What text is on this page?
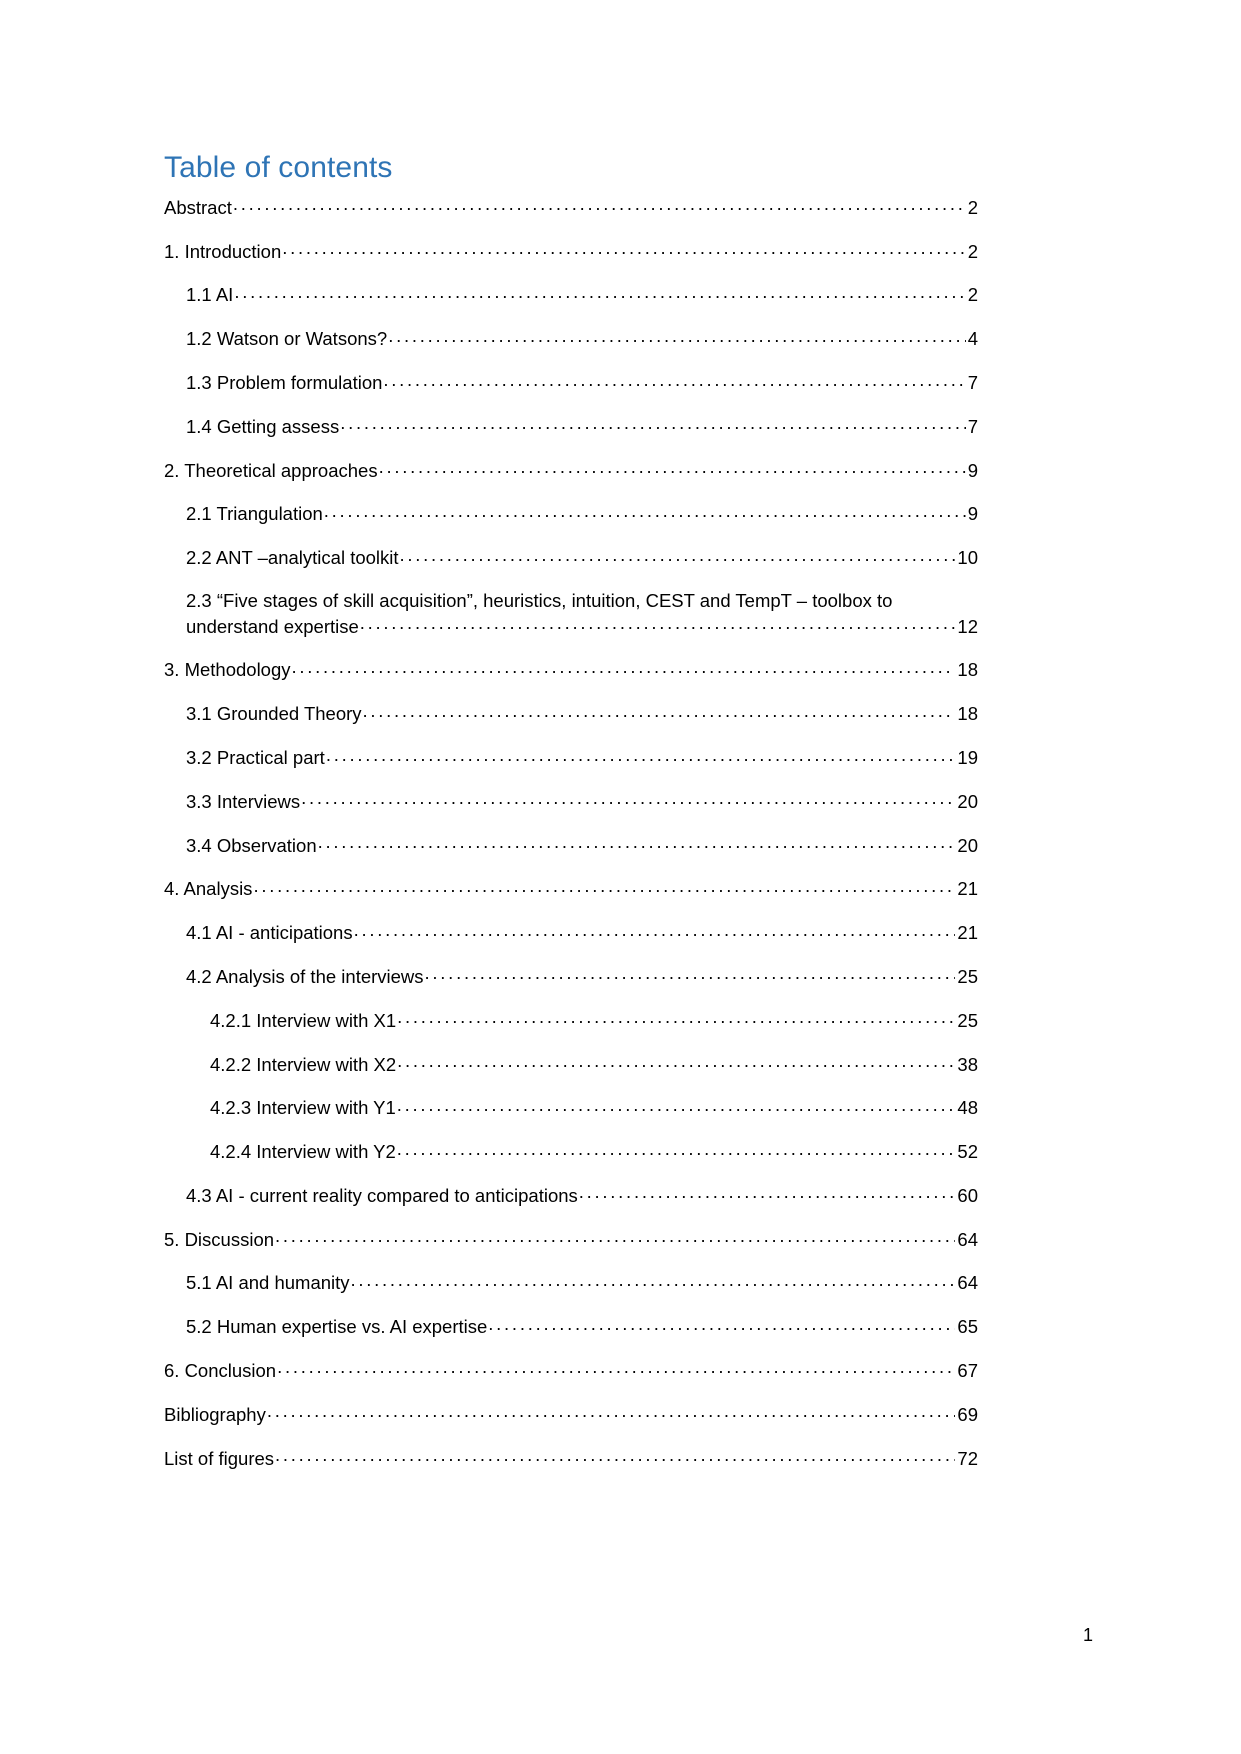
Table of contents
Abstract . . .	2
1. Introduction . . .	2
1.1 AI . . .	2
1.2 Watson or Watsons? . . .	4
1.3 Problem formulation . . .	7
1.4 Getting assess . . .	7
2. Theoretical approaches . . .	9
2.1 Triangulation . . .	9
2.2 ANT –analytical toolkit . . .	10
2.3 “Five stages of skill acquisition”, heuristics, intuition, CEST and TempT – toolbox to
understand expertise . . .	12
3. Methodology . . .	18
3.1 Grounded Theory . . .	18
3.2 Practical part . . .	19
3.3 Interviews . . .	20
3.4 Observation . . .	20
4. Analysis . . .	21
4.1 AI - anticipations . . .	21
4.2 Analysis of the interviews . . .	25
4.2.1 Interview with X1 . . .	25
4.2.2 Interview with X2 . . .	38
4.2.3 Interview with Y1 . . .	48
4.2.4 Interview with Y2 . . .	52
4.3 AI - current reality compared to anticipations . . .	60
5. Discussion . . .	64
5.1 AI and humanity . . .	64
5.2 Human expertise vs. AI expertise . . .	65
6. Conclusion . . .	67
Bibliography . . .	69
List of figures . . .	72
1
